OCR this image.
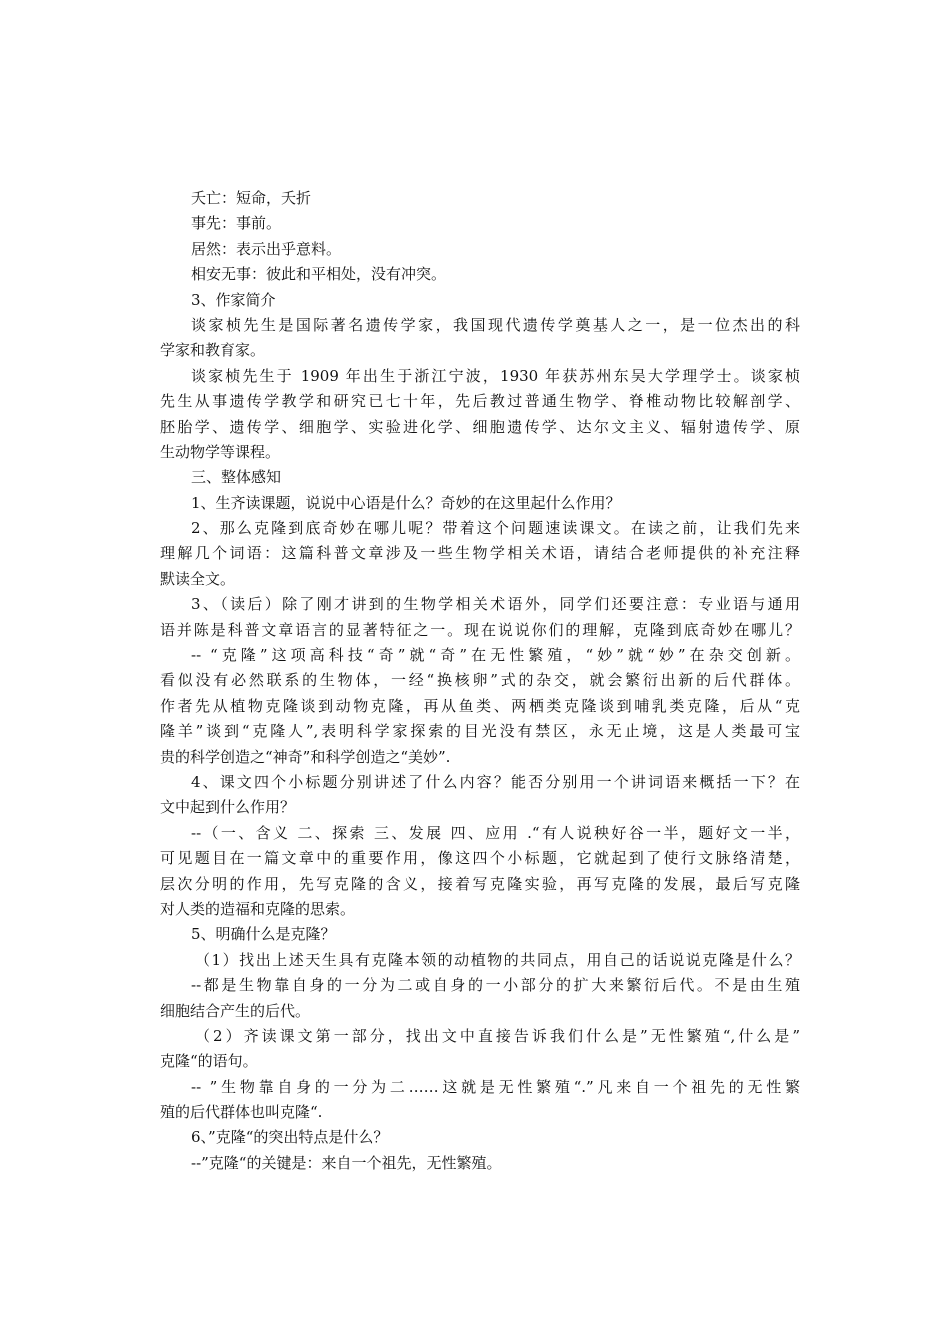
夭亡：短命，夭折
事先：事前。
居然：表示出乎意料。
相安无事：彼此和平相处，没有冲突。
3、作家简介
谈家桢先生是国际著名遗传学家，我国现代遗传学奠基人之一，是一位杰出的科
学家和教育家。
谈家桢先生于 1909 年出生于浙江宁波，1930 年获苏州东吴大学理学士。谈家桢
先生从事遗传学教学和研究已七十年，先后教过普通生物学、脊椎动物比较解剖学、
胚胎学、遗传学、细胞学、实验进化学、细胞遗传学、达尔文主义、辐射遗传学、原
生动物学等课程。
三、整体感知
1、生齐读课题，说说中心语是什么？奇妙的在这里起什么作用？
2、那么克隆到底奇妙在哪儿呢？带着这个问题速读课文。在读之前，让我们先来
理解几个词语：这篇科普文章涉及一些生物学相关术语，请结合老师提供的补充注释
默读全文。
3、（读后）除了刚才讲到的生物学相关术语外，同学们还要注意：专业语与通用
语并陈是科普文章语言的显著特征之一。现在说说你们的理解，克隆到底奇妙在哪儿？
-- “克隆”这项高科技“奇”就“奇”在无性繁殖，“妙”就“妙”在杂交创新。
看似没有必然联系的生物体，一经“换核卵”式的杂交，就会繁衍出新的后代群体。
作者先从植物克隆谈到动物克隆，再从鱼类、两栖类克隆谈到哺乳类克隆，后从“克
隆羊”谈到“克隆人”,表明科学家探索的目光没有禁区，永无止境，这是人类最可宝
贵的科学创造之“神奇”和科学创造之“美妙”.
4、课文四个小标题分别讲述了什么内容？能否分别用一个讲词语来概括一下？在
文中起到什么作用？
--（一、含义 二、探索 三、发展 四、应用 .“有人说秧好谷一半，题好文一半，
可见题目在一篇文章中的重要作用，像这四个小标题，它就起到了使行文脉络清楚，
层次分明的作用，先写克隆的含义，接着写克隆实验，再写克隆的发展，最后写克隆
对人类的造福和克隆的思索。
5、明确什么是克隆？
（1）找出上述天生具有克隆本领的动植物的共同点，用自己的话说说克隆是什么？
--都是生物靠自身的一分为二或自身的一小部分的扩大来繁衍后代。不是由生殖
细胞结合产生的后代。
（2）齐读课文第一部分，找出文中直接告诉我们什么是”无性繁殖“,什么是”
克隆“的语句。
-- ”生物靠自身的一分为二……这就是无性繁殖“.”凡来自一个祖先的无性繁
殖的后代群体也叫克隆“.
6、”克隆“的突出特点是什么？
--”克隆“的关键是：来自一个祖先，无性繁殖。
